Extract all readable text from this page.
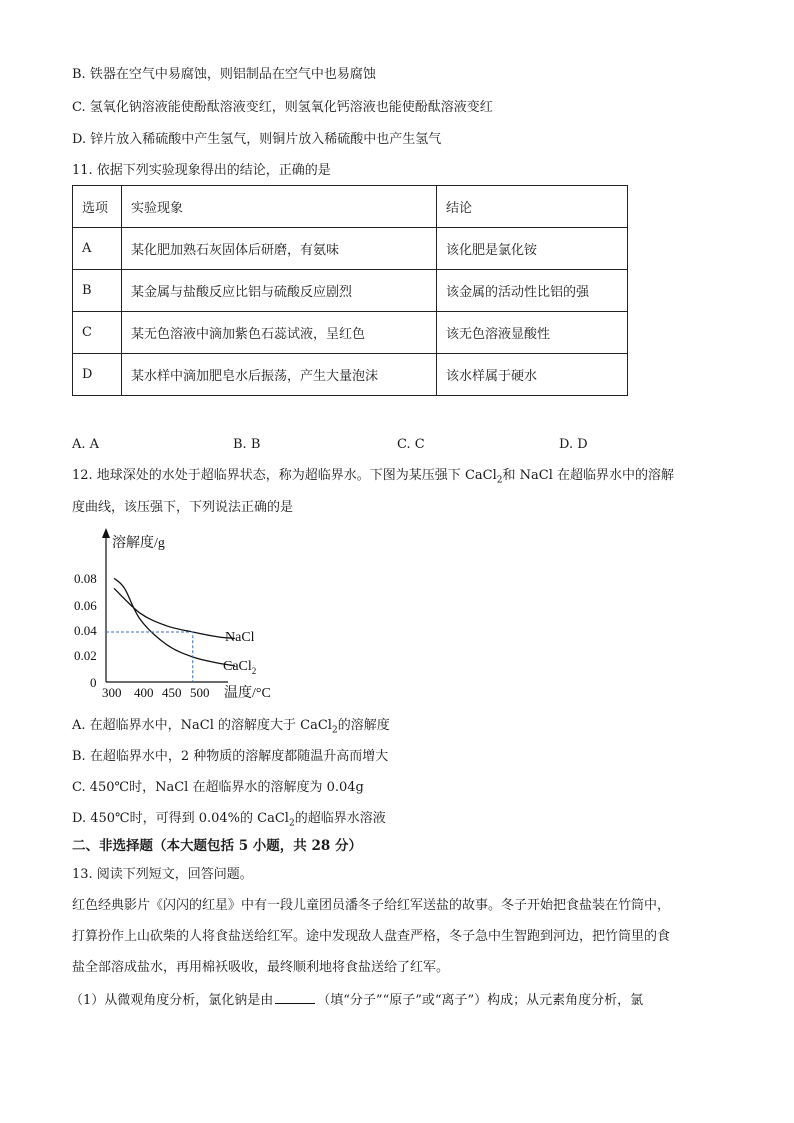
B. 铁器在空气中易腐蚀，则铝制品在空气中也易腐蚀
C. 氢氧化钠溶液能使酚酞溶液变红，则氢氧化钙溶液也能使酚酞溶液变红
D. 锌片放入稀硫酸中产生氢气，则铜片放入稀硫酸中也产生氢气
11. 依据下列实验现象得出的结论，正确的是
选项	实验现象	结论
A	某化肥加熟石灰固体后研磨，有氨味	该化肥是氯化铵
B	某金属与盐酸反应比铝与硫酸反应剧烈	该金属的活动性比铝的强
C	某无色溶液中滴加紫色石蕊试液，呈红色	该无色溶液显酸性
D	某水样中滴加肥皂水后振荡，产生大量泡沫	该水样属于硬水
A. A	B. B	C. C	D. D
12. 地球深处的水处于超临界状态，称为超临界水。下图为某压强下 CaCl$_2$和 NaCl 在超临界水中的溶解
度曲线，该压强下，下列说法正确的是
溶解度/g
温度/°C
0
0.02
0.04
0.06
0.08
300 400 450 500
NaCl
CaCl$_2$
A. 在超临界水中，NaCl 的溶解度大于 CaCl$_2$的溶解度
B. 在超临界水中，2 种物质的溶解度都随温升高而增大
C. 450℃时，NaCl 在超临界水的溶解度为 0.04g
D. 450℃时，可得到 0.04%的 CaCl$_2$的超临界水溶液
二、非选择题（本大题包括 5 小题，共 28 分）
13. 阅读下列短文，回答问题。
红色经典影片《闪闪的红星》中有一段儿童团员潘冬子给红军送盐的故事。冬子开始把食盐装在竹筒中，
打算扮作上山砍柴的人将食盐送给红军。途中发现敌人盘查严格，冬子急中生智跑到河边，把竹筒里的食
盐全部溶成盐水，再用棉袄吸收，最终顺利地将食盐送给了红军。
（1）从微观角度分析，氯化钠是由	（填“分子”“原子”或“离子”）构成；从元素角度分析，氯
